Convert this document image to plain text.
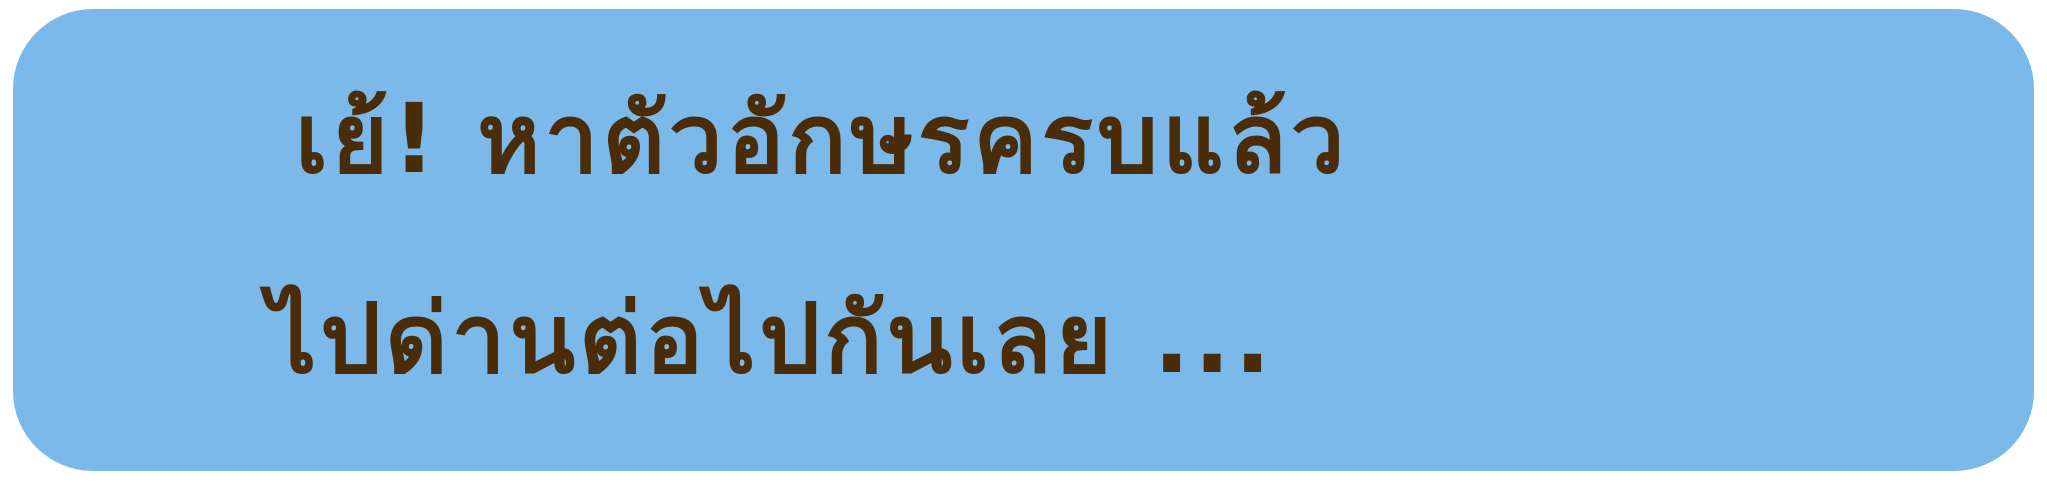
เย้! หาตัวอักษรครบแล้ว
ไปด่านต่อไปกันเลย ...
